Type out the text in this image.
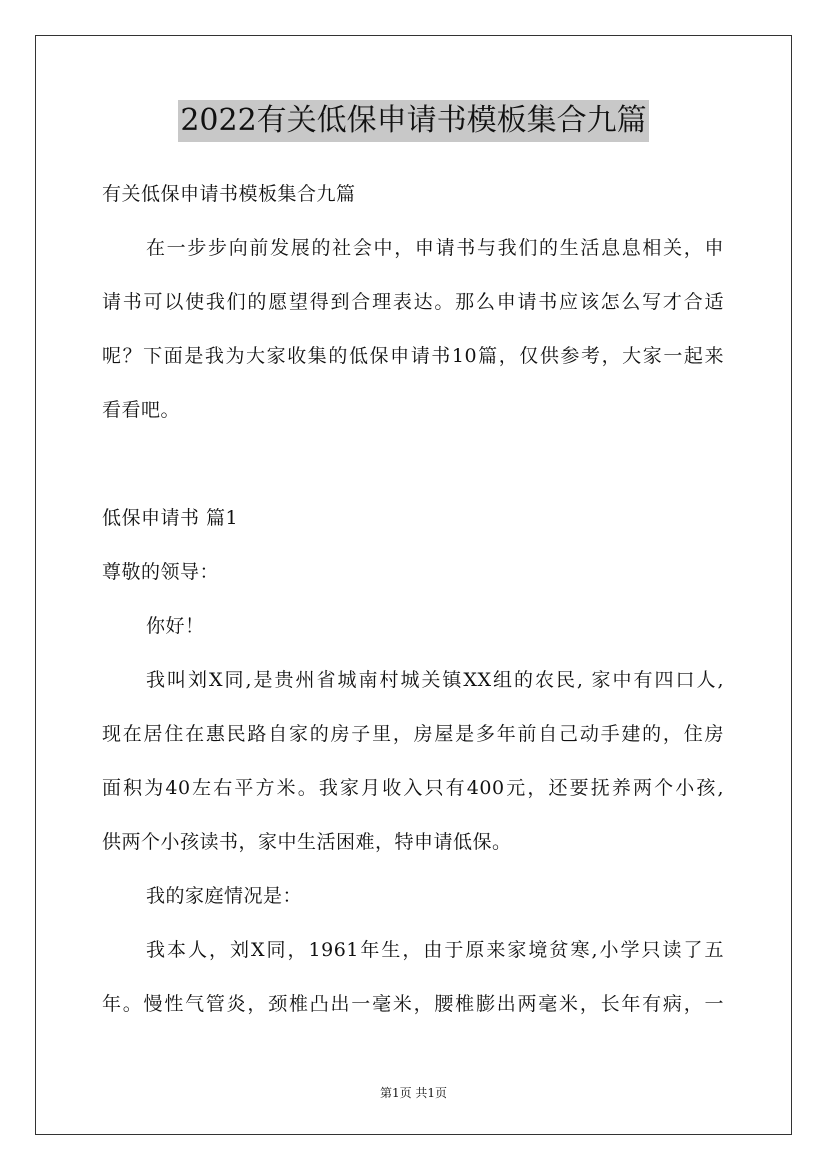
2022有关低保申请书模板集合九篇
有关低保申请书模板集合九篇
在一步步向前发展的社会中，申请书与我们的生活息息相关，申
请书可以使我们的愿望得到合理表达。那么申请书应该怎么写才合适
呢？下面是我为大家收集的低保申请书10篇，仅供参考，大家一起来
看看吧。
低保申请书 篇1
尊敬的领导：
你好！
我叫刘X同,是贵州省城南村城关镇XX组的农民, 家中有四口人,
现在居住在惠民路自家的房子里，房屋是多年前自己动手建的，住房
面积为40左右平方米。我家月收入只有400元，还要抚养两个小孩,
供两个小孩读书，家中生活困难，特申请低保。
我的家庭情况是：
我本人，刘X同，1961年生，由于原来家境贫寒,小学只读了五
年。慢性气管炎，颈椎凸出一毫米，腰椎膨出两毫米，长年有病，一
第1页 共1页
